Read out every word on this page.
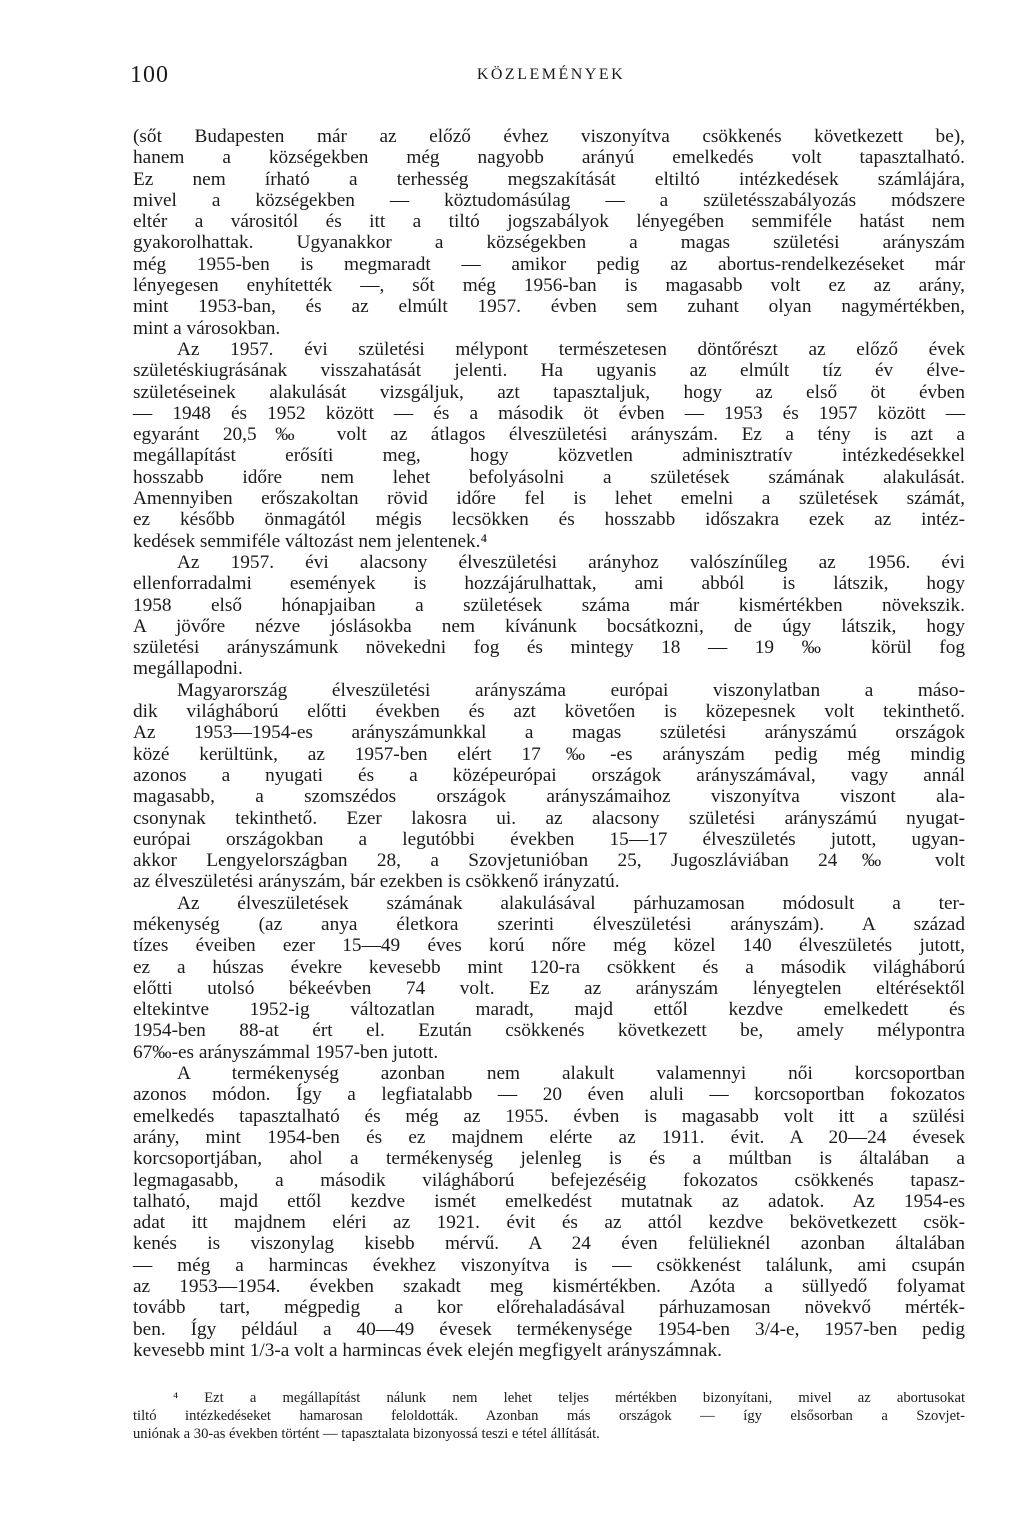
100	KÖZLEMÉNYEK
(sőt Budapesten már az előző évhez viszonyítva csökkenés következett be),
hanem a községekben még nagyobb arányú emelkedés volt tapasztalható.
Ez nem írható a terhesség megszakítását eltiltó intézkedések számlájára,
mivel a községekben — köztudomásúlag — a születésszabályozás módszere
eltér a várositól és itt a tiltó jogszabályok lényegében semmiféle hatást nem
gyakorolhattak. Ugyanakkor a községekben a magas születési arányszám
még 1955-ben is megmaradt — amikor pedig az abortus-rendelkezéseket már
lényegesen enyhítették —, sőt még 1956-ban is magasabb volt ez az arány,
mint 1953-ban, és az elmúlt 1957. évben sem zuhant olyan nagymértékben,
mint a városokban.
Az 1957. évi születési mélypont természetesen döntőrészt az előző évek
születéskiugrásának visszahatását jelenti. Ha ugyanis az elmúlt tíz év élve-
születéseinek alakulását vizsgáljuk, azt tapasztaljuk, hogy az első öt évben
— 1948 és 1952 között — és a második öt évben — 1953 és 1957 között —
egyaránt 20,5‰ volt az átlagos élveszületési arányszám. Ez a tény is azt a
megállapítást erősíti meg, hogy közvetlen adminisztratív intézkedésekkel
hosszabb időre nem lehet befolyásolni a születések számának alakulását.
Amennyiben erőszakoltan rövid időre fel is lehet emelni a születések számát,
ez később önmagától mégis lecsökken és hosszabb időszakra ezek az intéz-
kedések semmiféle változást nem jelentenek.⁴
Az 1957. évi alacsony élveszületési arányhoz valószínűleg az 1956. évi
ellenforradalmi események is hozzájárulhattak, ami abból is látszik, hogy
1958 első hónapjaiban a születések száma már kismértékben növekszik.
A jövőre nézve jóslásokba nem kívánunk bocsátkozni, de úgy látszik, hogy
születési arányszámunk növekedni fog és mintegy 18 — 19 ‰ körül fog
megállapodni.
Magyarország élveszületési arányszáma európai viszonylatban a máso-
dik világháború előtti években és azt követően is közepesnek volt tekinthető.
Az 1953—1954-es arányszámunkkal a magas születési arányszámú országok
közé kerültünk, az 1957-ben elért 17‰-es arányszám pedig még mindig
azonos a nyugati és a középeurópai országok arányszámával, vagy annál
magasabb, a szomszédos országok arányszámaihoz viszonyítva viszont ala-
csonynak tekinthető. Ezer lakosra ui. az alacsony születési arányszámú nyugat-
európai országokban a legutóbbi években 15—17 élveszületés jutott, ugyan-
akkor Lengyelországban 28, a Szovjetunióban 25, Jugoszláviában 24‰ volt
az élveszületési arányszám, bár ezekben is csökkenő irányzatú.
Az élveszületések számának alakulásával párhuzamosan módosult a ter-
mékenység (az anya életkora szerinti élveszületési arányszám). A század
tízes éveiben ezer 15—49 éves korú nőre még közel 140 élveszületés jutott,
ez a húszas évekre kevesebb mint 120-ra csökkent és a második világháború
előtti utolsó békeévben 74 volt. Ez az arányszám lényegtelen eltérésektől
eltekintve 1952-ig változatlan maradt, majd ettől kezdve emelkedett és
1954-ben 88-at ért el. Ezután csökkenés következett be, amely mélypontra
67‰-es arányszámmal 1957-ben jutott.
A termékenység azonban nem alakult valamennyi női korcsoportban
azonos módon. Így a legfiatalabb — 20 éven aluli — korcsoportban fokozatos
emelkedés tapasztalható és még az 1955. évben is magasabb volt itt a szülési
arány, mint 1954-ben és ez majdnem elérte az 1911. évit. A 20—24 évesek
korcsoportjában, ahol a termékenység jelenleg is és a múltban is általában a
legmagasabb, a második világháború befejezéséig fokozatos csökkenés tapasz-
talható, majd ettől kezdve ismét emelkedést mutatnak az adatok. Az 1954-es
adat itt majdnem eléri az 1921. évit és az attól kezdve bekövetkezett csök-
kenés is viszonylag kisebb mérvű. A 24 éven felülieknél azonban általában
— még a harmincas évekhez viszonyítva is — csökkenést találunk, ami csupán
az 1953—1954. években szakadt meg kismértékben. Azóta a süllyedő folyamat
tovább tart, mégpedig a kor előrehaladásával párhuzamosan növekvő mérték-
ben. Így például a 40—49 évesek termékenysége 1954-ben 3/4-e, 1957-ben pedig
kevesebb mint 1/3-a volt a harmincas évek elején megfigyelt arányszámnak.
⁴ Ezt a megállapítást nálunk nem lehet teljes mértékben bizonyítani, mivel az abortusokat
tiltó intézkedéseket hamarosan feloldották. Azonban más országok — így elsősorban a Szovjet-
uniónak a 30-as években történt — tapasztalata bizonyossá teszi e tétel állítását.
